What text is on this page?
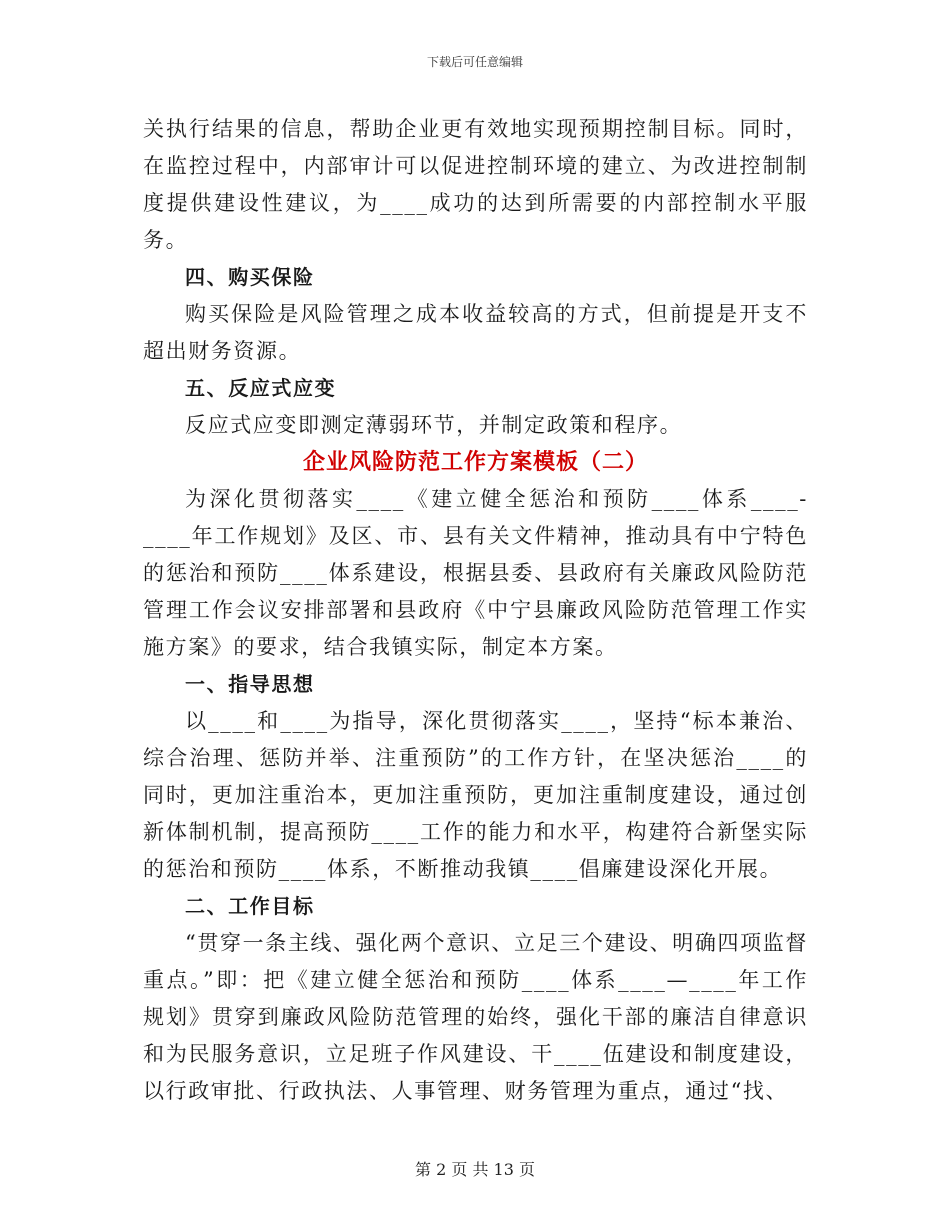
下载后可任意编辑

关执行结果的信息，帮助企业更有效地实现预期控制目标。同时，在监控过程中，内部审计可以促进控制环境的建立、为改进控制制度提供建设性建议，为____成功的达到所需要的内部控制水平服务。

四、购买保险

购买保险是风险管理之成本收益较高的方式，但前提是开支不超出财务资源。

五、反应式应变

反应式应变即测定薄弱环节，并制定政策和程序。

企业风险防范工作方案模板（二）

为深化贯彻落实____《建立健全惩治和预防____体系____-____年工作规划》及区、市、县有关文件精神，推动具有中宁特色的惩治和预防____体系建设，根据县委、县政府有关廉政风险防范管理工作会议安排部署和县政府《中宁县廉政风险防范管理工作实施方案》的要求，结合我镇实际，制定本方案。

一、指导思想

以____和____为指导，深化贯彻落实____，坚持“标本兼治、综合治理、惩防并举、注重预防”的工作方针，在坚决惩治____的同时，更加注重治本，更加注重预防，更加注重制度建设，通过创新体制机制，提高预防____工作的能力和水平，构建符合新堡实际的惩治和预防____体系，不断推动我镇____倡廉建设深化开展。

二、工作目标

“贯穿一条主线、强化两个意识、立足三个建设、明确四项监督重点。”即：把《建立健全惩治和预防____体系____—____年工作规划》贯穿到廉政风险防范管理的始终，强化干部的廉洁自律意识和为民服务意识，立足班子作风建设、干____伍建设和制度建设，以行政审批、行政执法、人事管理、财务管理为重点，通过“找、

第 2 页 共 13 页
